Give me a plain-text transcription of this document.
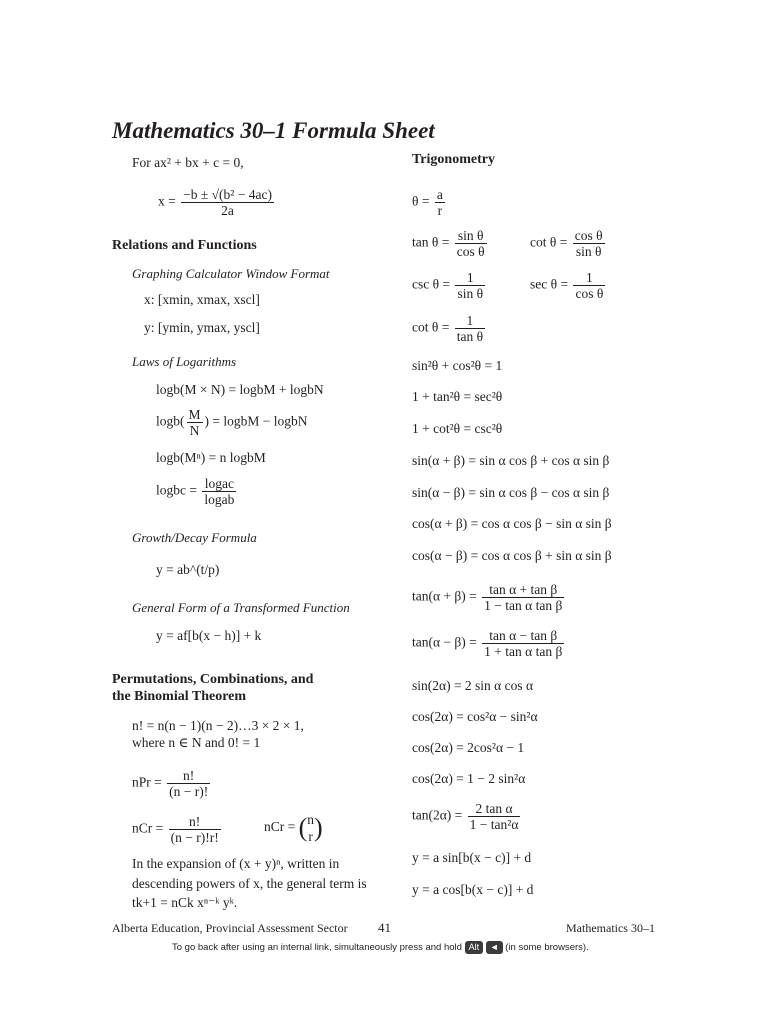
Mathematics 30–1 Formula Sheet
For ax² + bx + c = 0,
$x = \frac{\text{−b ± √(b² − 4ac)}}{2a}$
Relations and Functions
Graphing Calculator Window Format
x: [xmin, xmax, xscl]
y: [ymin, ymax, yscl]
Laws of Logarithms
logb(M × N) = logbM + logbN
$\log b( \frac{M}{N}$ ) = logbM − logbN
logb(Mⁿ) = n logbM
logbc = $\frac{\text{logac}}{\text{logab}}$
Growth/Decay Formula
y = ab^(t/p)
General Form of a Transformed Function
y = af[b(x − h)] + k
Permutations, Combinations, and
the Binomial Theorem
n! = n(n − 1)(n − 2)…3 × 2 × 1,
where n ∈ N and 0! = 1
nPr = $\frac{n!}{(n - r)!}$
nCr = $\frac{n!}{(n - r)!r!}$	nCr = ( n
r )
In the expansion of (x + y)ⁿ, written in
descending powers of x, the general term is
tk+1 = nCk xⁿ⁻ᵏ yᵏ.
Trigonometry
$\theta = \frac{a}{r}$
$\tan \theta = \frac{\text{sin θ}}{\text{cos θ}}$	$\cot \theta = \frac{\text{cos θ}}{\text{sin θ}}$
$\csc \theta = \frac{1}{\text{sin θ}}$	$\sec \theta = \frac{1}{\text{cos θ}}$
$\cot \theta = \frac{1}{\text{tan θ}}$
sin²θ + cos²θ = 1
1 + tan²θ = sec²θ
1 + cot²θ = csc²θ
sin(α + β) = sin α cos β + cos α sin β
sin(α − β) = sin α cos β − cos α sin β
cos(α + β) = cos α cos β − sin α sin β
cos(α − β) = cos α cos β + sin α sin β
$\tan(\alpha + \beta) = \frac{\text{tan α + tan β}}{\text{1 − tan α tan β}}$
$\tan(\alpha - \beta) = \frac{\text{tan α − tan β}}{\text{1 + tan α tan β}}$
sin(2α) = 2 sin α cos α
cos(2α) = cos²α − sin²α
cos(2α) = 2cos²α − 1
cos(2α) = 1 − 2 sin²α
$\tan(2\alpha) = \frac{\text{2 tan α}}{\text{1 − tan²α}}$
y = a sin[b(x − c)] + d
y = a cos[b(x − c)] + d
Alberta Education, Provincial Assessment Sector 41	Mathematics 30–1
To go back after using an internal link, simultaneously press and hold Alt ◄ (in some browsers).
